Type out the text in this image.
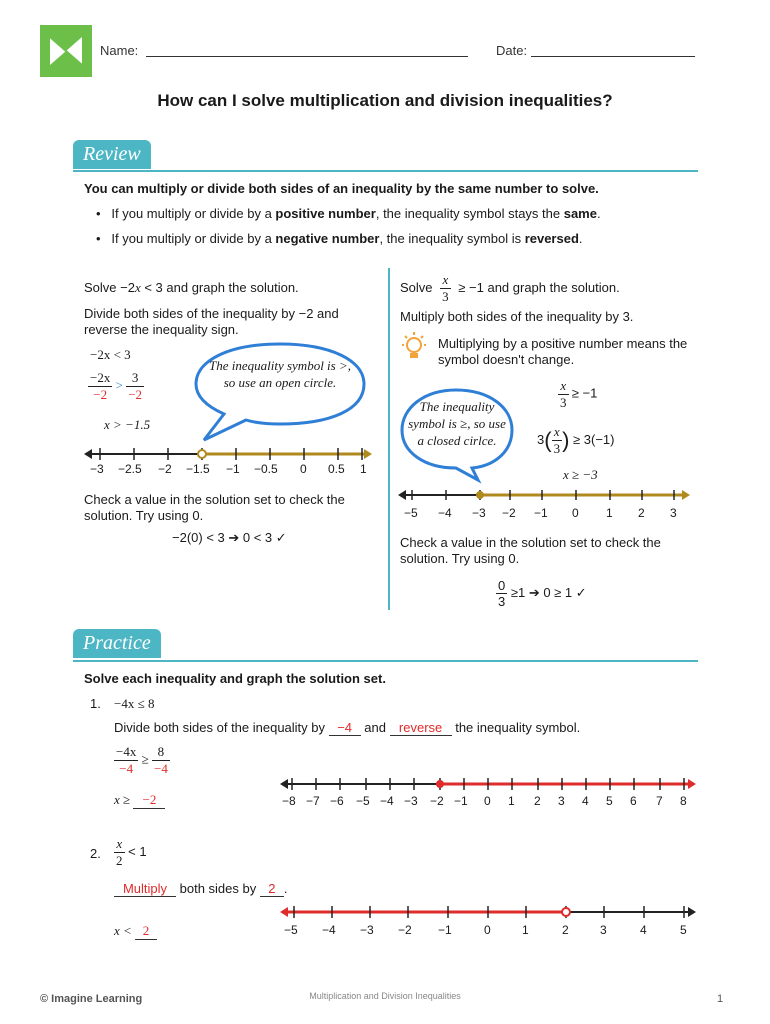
Name:	Date:
How can I solve multiplication and division inequalities?
Review
You can multiply or divide both sides of an inequality by the same number to solve.
•   If you multiply or divide by a positive number, the inequality symbol stays the same.
•   If you multiply or divide by a negative number, the inequality symbol is reversed.
Solve −2x < 3 and graph the solution.
Divide both sides of the inequality by −2 and reverse the inequality sign.
−2x < 3
$\frac{-2x}{-2} > \frac{3}{-2}$
x > −1.5
The inequality symbol is >, so use an open circle.
−3 −2.5 −2 −1.5 −1 −0.5 0 0.5 1
Check a value in the solution set to check the solution. Try using 0.
−2(0) < 3 ➔ 0 < 3 ✓
Solve $\frac{x}{3} \ge -1$ and graph the solution.
Multiply both sides of the inequality by 3.
Multiplying by a positive number means the symbol doesn't change.
$\frac{x}{3} \ge -1$
$3( \frac{x}{3}$ ) ≥ 3(−1)
x ≥ −3
The inequality symbol is ≥, so use a closed cirlce.
−5 −4 −3 −2 −1 0 1 2 3
Check a value in the solution set to check the solution. Try using 0.
$\frac{0}{3} \ge 1$ ➔ 0 ≥ 1 ✓
Practice
Solve each inequality and graph the solution set.
1. −4x ≤ 8
Divide both sides of the inequality by −4 and reverse the inequality symbol.
$\frac{-4x}{-4} \ge \frac{8}{-4}$
x ≥ −2	−8 −7 −6 −5 −4 −3 −2 −1 0 1 2 3 4 5 6 7 8
2. $\frac{x}{2} < 1$
Multiply both sides by 2 .
x < 2	−5 −4 −3 −2 −1	0	1	2	3	4	5
© Imagine Learning	Multiplication and Division Inequalities	1
